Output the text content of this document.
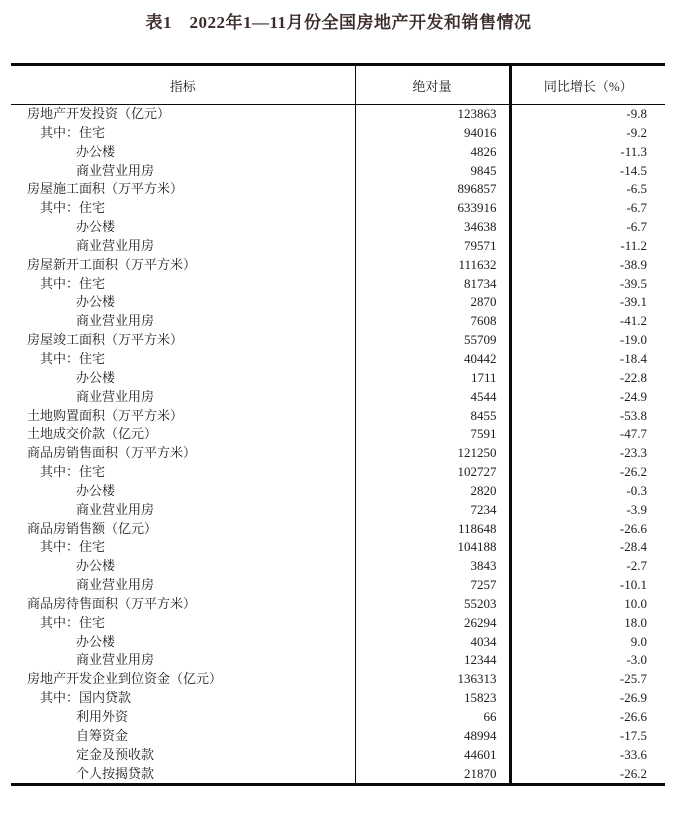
表1　2022年1—11月份全国房地产开发和销售情况
指标	绝对量	同比增长（%）
房地产开发投资（亿元）	123863	-9.8
其中：住宅	94016	-9.2
办公楼	4826	-11.3
商业营业用房	9845	-14.5
房屋施工面积（万平方米）	896857	-6.5
其中：住宅	633916	-6.7
办公楼	34638	-6.7
商业营业用房	79571	-11.2
房屋新开工面积（万平方米）	111632	-38.9
其中：住宅	81734	-39.5
办公楼	2870	-39.1
商业营业用房	7608	-41.2
房屋竣工面积（万平方米）	55709	-19.0
其中：住宅	40442	-18.4
办公楼	1711	-22.8
商业营业用房	4544	-24.9
土地购置面积（万平方米）	8455	-53.8
土地成交价款（亿元）	7591	-47.7
商品房销售面积（万平方米）	121250	-23.3
其中：住宅	102727	-26.2
办公楼	2820	-0.3
商业营业用房	7234	-3.9
商品房销售额（亿元）	118648	-26.6
其中：住宅	104188	-28.4
办公楼	3843	-2.7
商业营业用房	7257	-10.1
商品房待售面积（万平方米）	55203	10.0
其中：住宅	26294	18.0
办公楼	4034	9.0
商业营业用房	12344	-3.0
房地产开发企业到位资金（亿元）	136313	-25.7
其中：国内贷款	15823	-26.9
利用外资	66	-26.6
自筹资金	48994	-17.5
定金及预收款	44601	-33.6
个人按揭贷款	21870	-26.2
